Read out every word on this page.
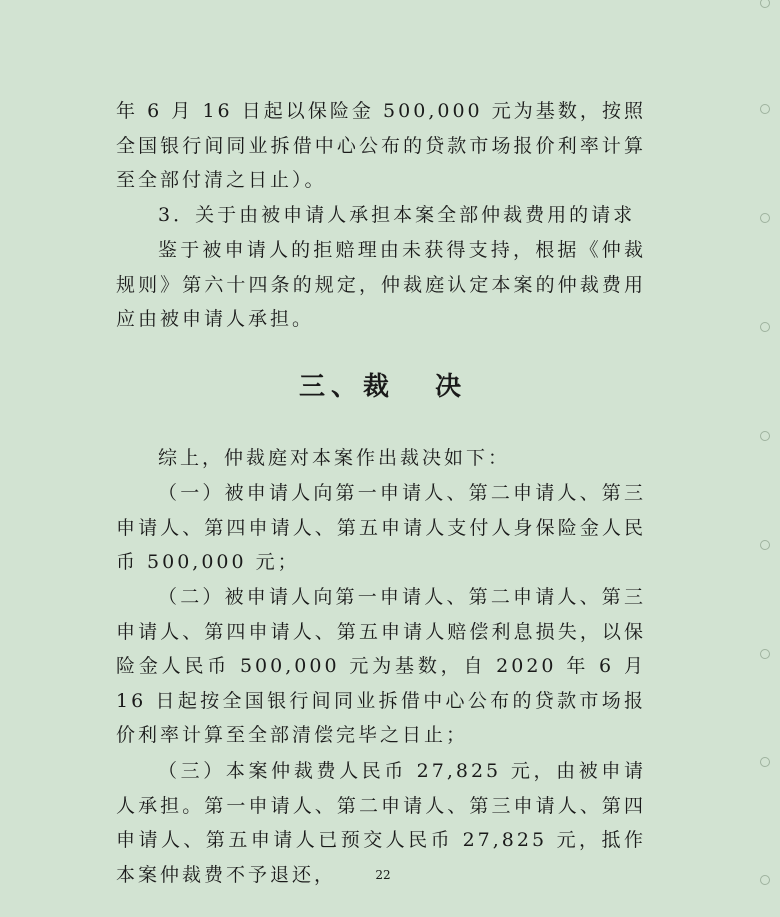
年 6 月 16 日起以保险金 500,000 元为基数，按照全国银行间同业拆借中心公布的贷款市场报价利率计算至全部付清之日止）。

3．关于由被申请人承担本案全部仲裁费用的请求

鉴于被申请人的拒赔理由未获得支持，根据《仲裁规则》第六十四条的规定，仲裁庭认定本案的仲裁费用应由被申请人承担。

三、裁 决

综上，仲裁庭对本案作出裁决如下：

（一）被申请人向第一申请人、第二申请人、第三申请人、第四申请人、第五申请人支付人身保险金人民币 500,000 元；

（二）被申请人向第一申请人、第二申请人、第三申请人、第四申请人、第五申请人赔偿利息损失，以保险金人民币 500,000 元为基数，自 2020 年 6 月 16 日起按全国银行间同业拆借中心公布的贷款市场报价利率计算至全部清偿完毕之日止；

（三）本案仲裁费人民币 27,825 元，由被申请人承担。第一申请人、第二申请人、第三申请人、第四申请人、第五申请人已预交人民币 27,825 元，抵作本案仲裁费不予退还，	22
